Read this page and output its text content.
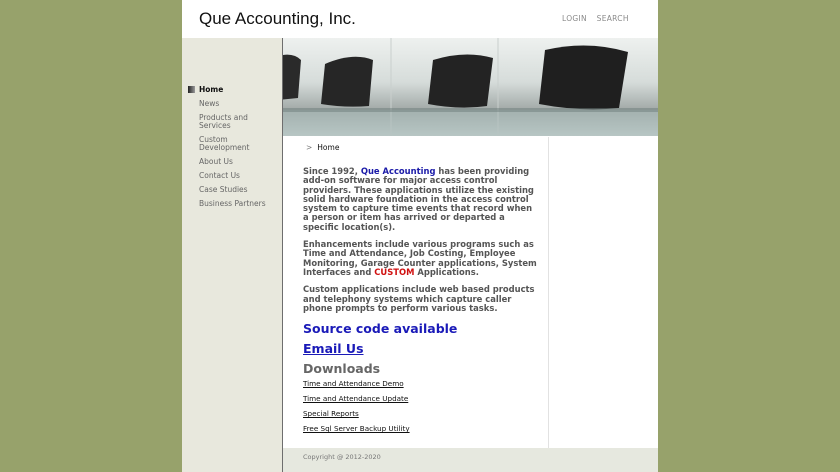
Que Accounting, Inc.	LOGIN SEARCH
Home
News
Products and Services
Custom Development
About Us
Contact Us
Case Studies
Business Partners
> Home

Since 1992, Que Accounting has been providing add-on software for major access control providers. These applications utilize the existing solid hardware foundation in the access control system to capture time events that record when a person or item has arrived or departed a specific location(s).

Enhancements include various programs such as Time and Attendance, Job Costing, Employee Monitoring, Garage Counter applications, System Interfaces and CUSTOM Applications.

Custom applications include web based products and telephony systems which capture caller phone prompts to perform various tasks.

Source code available
Email Us
Downloads
Time and Attendance Demo
Time and Attendance Update
Special Reports
Free Sql Server Backup Utility
Copyright @ 2012-2020
